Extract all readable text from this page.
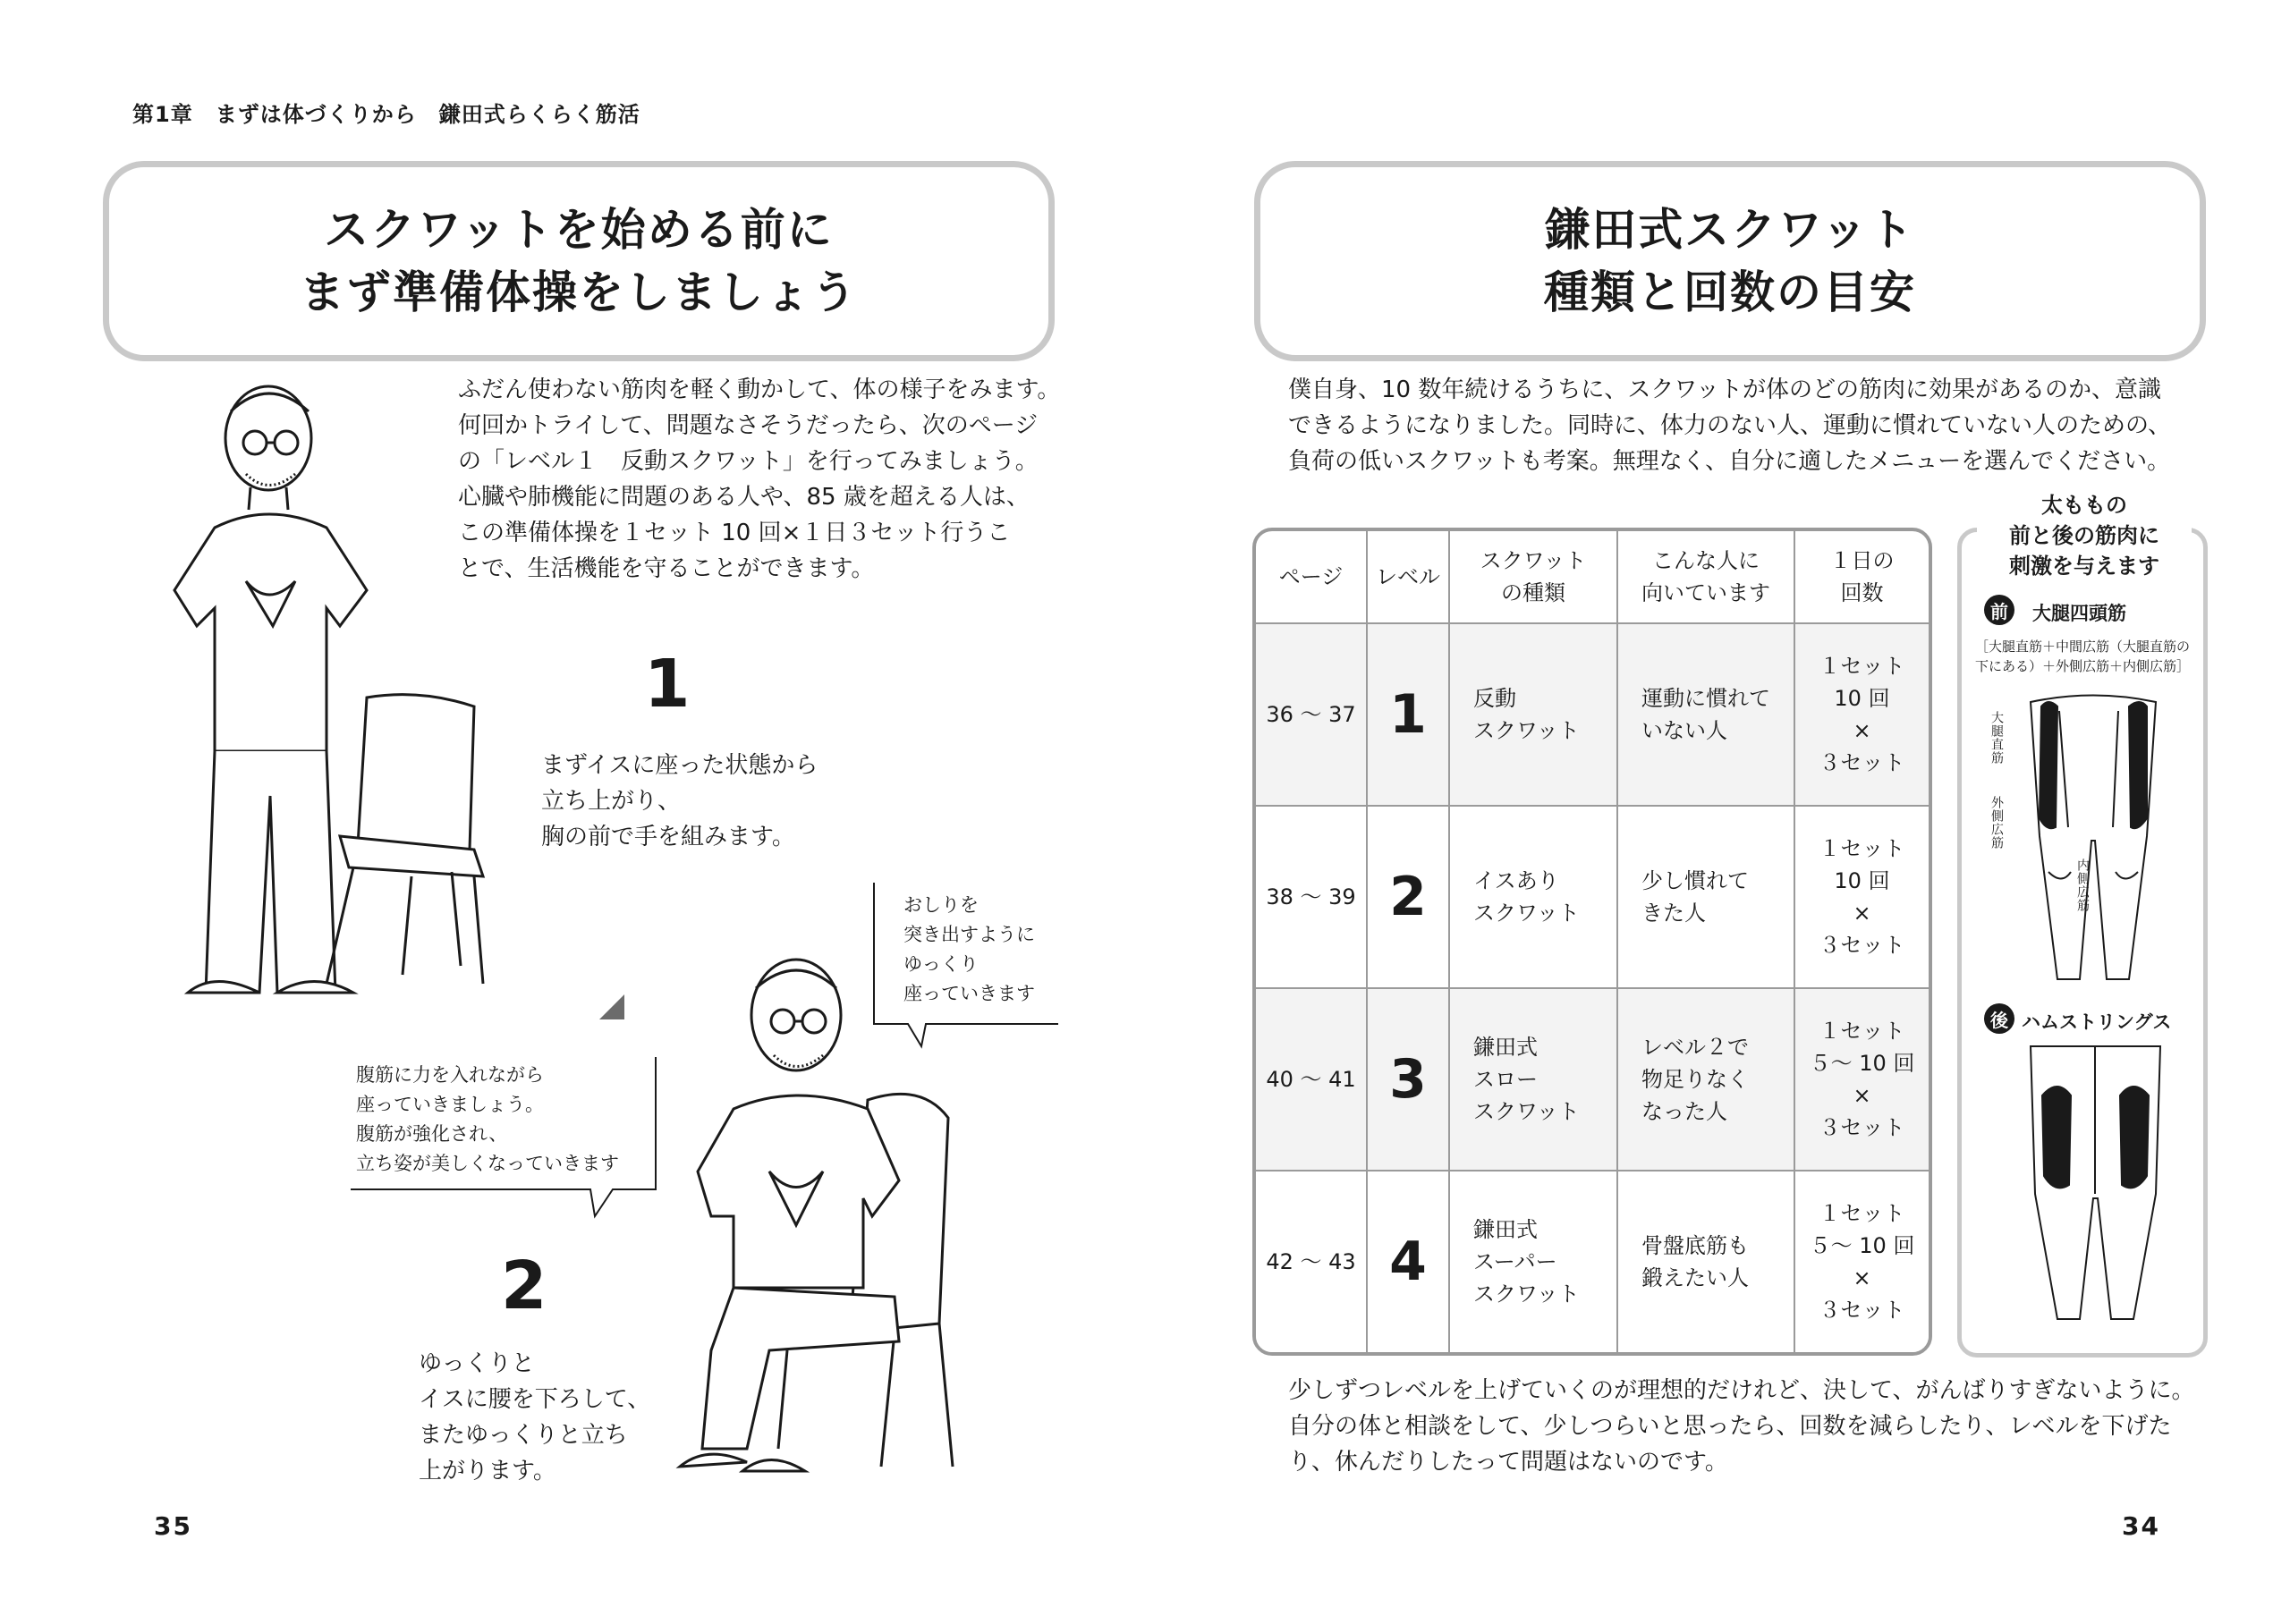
第1章　まずは体づくりから　鎌田式らくらく筋活
スクワットを始める前に
まず準備体操をしましょう
ふだん使わない筋肉を軽く動かして、体の様子をみます。
何回かトライして、問題なさそうだったら、次のページ
の「レベル１　反動スクワット」を行ってみましょう。
心臓や肺機能に問題のある人や、85 歳を超える人は、
この準備体操を１セット 10 回×１日３セット行うこ
とで、生活機能を守ることができます。
1
まずイスに座った状態から
立ち上がり、
胸の前で手を組みます。
おしりを
突き出すように
ゆっくり
座っていきます
腹筋に力を入れながら
座っていきましょう。
腹筋が強化され、
立ち姿が美しくなっていきます
2
ゆっくりと
イスに腰を下ろして、
またゆっくりと立ち
上がります。
35
鎌田式スクワット
種類と回数の目安
僕自身、10 数年続けるうちに、スクワットが体のどの筋肉に効果があるのか、意識
できるようになりました。同時に、体力のない人、運動に慣れていない人のための、
負荷の低いスクワットも考案。無理なく、自分に適したメニューを選んでください。
ページ	レベル	スクワット
の種類	こんな人に
向いています	１日の
回数

36 ～ 37	1	反動
スクワット	運動に慣れて
いない人	１セット
10 回
×
３セット

38 ～ 39	2	イスあり
スクワット	少し慣れて
きた人	１セット
10 回
×
３セット

40 ～ 41	3	鎌田式
スロー
スクワット	レベル２で
物足りなく
なった人	１セット
５～ 10 回
×
３セット

42 ～ 43	4	鎌田式
スーパー
スクワット	骨盤底筋も
鍛えたい人	１セット
５～ 10 回
×
３セット
太ももの
前と後の筋肉に
刺激を与えます
前	大腿四頭筋
［大腿直筋＋中間広筋（大腿直筋の
下にある）＋外側広筋＋内側広筋］
大腿直筋
外側広筋
内側広筋
後 ハムストリングス
少しずつレベルを上げていくのが理想的だけれど、決して、がんばりすぎないように。
自分の体と相談をして、少しつらいと思ったら、回数を減らしたり、レベルを下げた
り、休んだりしたって問題はないのです。
34
